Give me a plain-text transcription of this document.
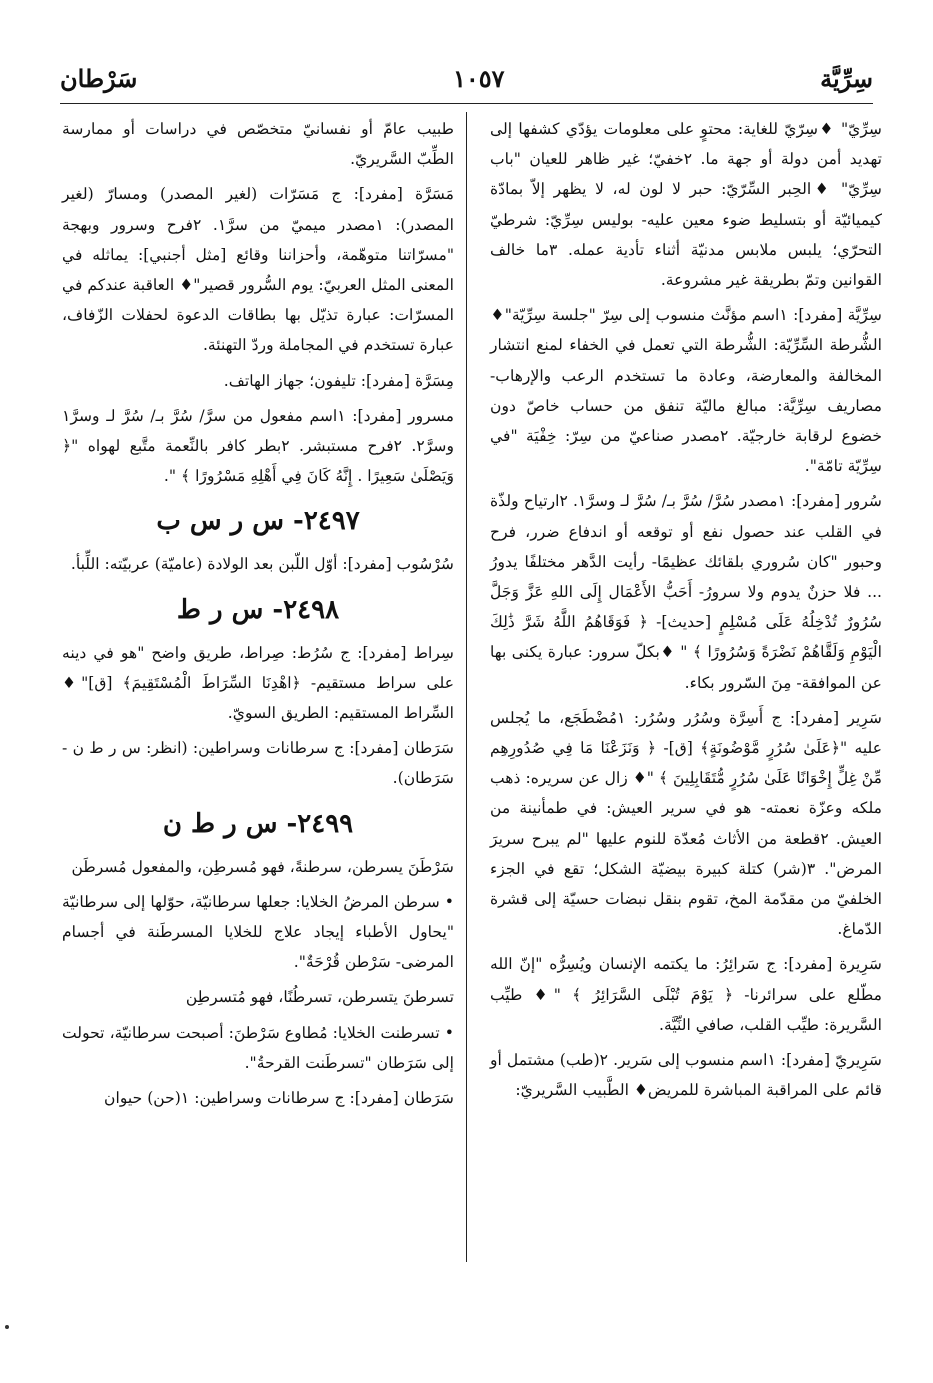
سَرْطان	١٠٥٧	سِرِّيَّة

سِرِّيّ" ♦سِرّيّ للغاية: محتوٍ على معلومات يؤدّي كشفها إلى تهديد أمن دولة أو جهة ما. ٢خفيّ؛ غير ظاهر للعيان "باب سِرِّيّ" ♦الحِبر السِّرّيّ: حبر لا لون له، لا يظهر إلاّ بمادّة كيميائيّة أو بتسليط ضوء معين عليه- بوليس سِرِّيّ: شرطيّ التحرّي؛ يلبس ملابس مدنيّة أثناء تأدية عمله. ٣ما خالف القوانين وتمّ بطريقة غير مشروعة.

سِرِّيَّة [مفرد]: ١اسم مؤنَّث منسوب إلى سِرّ "جلسة سِرِّيّة"♦ الشُّرطة السِّرِّيّة: الشُّرطة التي تعمل في الخفاء لمنع انتشار المخالفة والمعارضة، وعادة ما تستخدم الرعب والإرهاب- مصاريف سِرِّيَّة: مبالغ ماليّة تنفق من حساب خاصّ دون خضوع لرقابة خارجيّة. ٢مصدر صناعيّ من سِرّ: خِفْيَة "في سِرِّيّة تامّة".

سُرور [مفرد]: ١مصدر سُرَّ/ سُرَّ بـ/ سُرَّ لـ وسرَّ١. ٢ارتياح ولذّة في القلب عند حصول نفع أو توقعه أو اندفاع ضرر، فرح وحبور "كان سُروري بلقائك عظيمًا- رأيت الدَّهر مختلفًا يدورُ ... فلا حزنٌ يدوم ولا سرورُ- أَحَبُّ الأَعْمَال إِلَى اللهِ عَزَّ وَجَلَّ سُرُورٌ تُدْخِلُهُ عَلَى مُسْلِمٍ [حديث]- ﴿ فَوَقَاهُمُ اللَّهُ شَرَّ ذَٰلِكَ الْيَوْمِ وَلَقَّاهُمْ نَضْرَةً وَسُرُورًا ﴾ " ♦بكلّ سرور: عبارة يكنى بها عن الموافقة- مِنَ السّرور بكاء.

سَرِير [مفرد]: ج أَسِرَّة وسُرُر وسُرُر: ١مُضْطَجَع، ما يُجلس عليه "﴿عَلَىٰ سُرُرٍ مَّوْضُونَةٍ﴾ [ق]- ﴿ وَنَزَعْنَا مَا فِي صُدُورِهِم مِّنْ غِلٍّ إِخْوَانًا عَلَىٰ سُرُرٍ مُّتَقَابِلِينَ ﴾ "♦ زال عن سريره: ذهب ملكه وعزّة نعمته- هو في سرير العيش: في طمأنينة من العيش. ٢قطعة من الأثاث مُعدّة للنوم عليها "لم يبرح سريرَ المرض". ٣(شر) كتلة كبيرة بيضيّة الشكل؛ تقع في الجزء الخلفيّ من مقدّمة المخ، تقوم بنقل نبضات حسيّة إلى قشرة الدّماغ.

سَرِيرة [مفرد]: ج سَرائِرُ: ما يكتمه الإنسان ويُسِرُّه "إنّ الله مطّلع على سرائرنا- ﴿ يَوْمَ تُبْلَى السَّرَائِرُ ﴾ "♦ طيِّب السَّريرة: طيِّب القلب، صافي النِّيَّة.

سَرِيريّ [مفرد]: ١اسم منسوب إلى سَرير. ٢(طب) مشتمل أو قائم على المراقبة المباشرة للمريض♦ الطَّبيب السَّريريّ:

طبيب عامّ أو نفسانيّ متخصّص في دراسات أو ممارسة الطِّبّ السَّريريّ.

مَسَرَّة [مفرد]: ج مَسَرّات (لغير المصدر) ومسارّ (لغير المصدر): ١مصدر ميميّ من سرَّ١. ٢فرح وسرور وبهجة "مسرّاتنا متوهّمة، وأحزاننا وقائع [مثل أجنبي]: يماثله في المعنى المثل العربيّ: يوم السُّرور قصير"♦ العاقبة عندكم في المسرّات: عبارة تذيّل بها بطاقات الدعوة لحفلات الزّفاف، عبارة تستخدم في المجاملة وردّ التهنئة.

مِسَرَّة [مفرد]: تليفون؛ جهاز الهاتف.

مسرور [مفرد]: ١اسم مفعول من سرَّ/ سُرَّ بـ/ سُرَّ لـ وسرَّ١ وسرَّ٢. ٢فرح مستبشر. ٢بطر كافر بالنِّعمة متَّبع لهواه "﴿ وَيَصْلَىٰ سَعِيرًا . إِنَّهُ كَانَ فِي أَهْلِهِ مَسْرُورًا ﴾ ".

٢٤٩٧- س ر س ب

سُرْسُوب [مفرد]: أوّل اللّبن بعد الولادة (عاميّة) عربيّته: اللِّبأ.

٢٤٩٨- س ر ط

سِراط [مفرد]: ج سُرُط: صِراط، طريق واضح "هو في دينه على سراط مستقيم- ﴿اهْدِنَا السِّرَاطَ الْمُسْتَقِيمَ﴾ [ق]"♦ السِّراط المستقيم: الطريق السويّ.

سَرَطان [مفرد]: ج سرطانات وسراطين: (انظر: س ر ط ن - سَرَطان).

٢٤٩٩- س ر ط ن

سَرْطَنَ يسرطن، سرطنةً، فهو مُسرطِن، والمفعول مُسرطَن

• سرطن المرضُ الخلايا: جعلها سرطانيّة، حوّلها إلى سرطانيّة "يحاول الأطباء إيجاد علاج للخلايا المسرطَنة في أجسام المرضى- سَرْطن قُرْحَةٌ".

تسرطنَ يتسرطن، تسرطُنًا، فهو مُتسرطِن

• تسرطنت الخلايا: مُطاوع سَرْطنَ: أصبحت سرطانيّة، تحولت إلى سَرَطان "تسرطَنت القرحةُ".

سَرَطان [مفرد]: ج سرطانات وسراطين: ١(حن) حيوان
